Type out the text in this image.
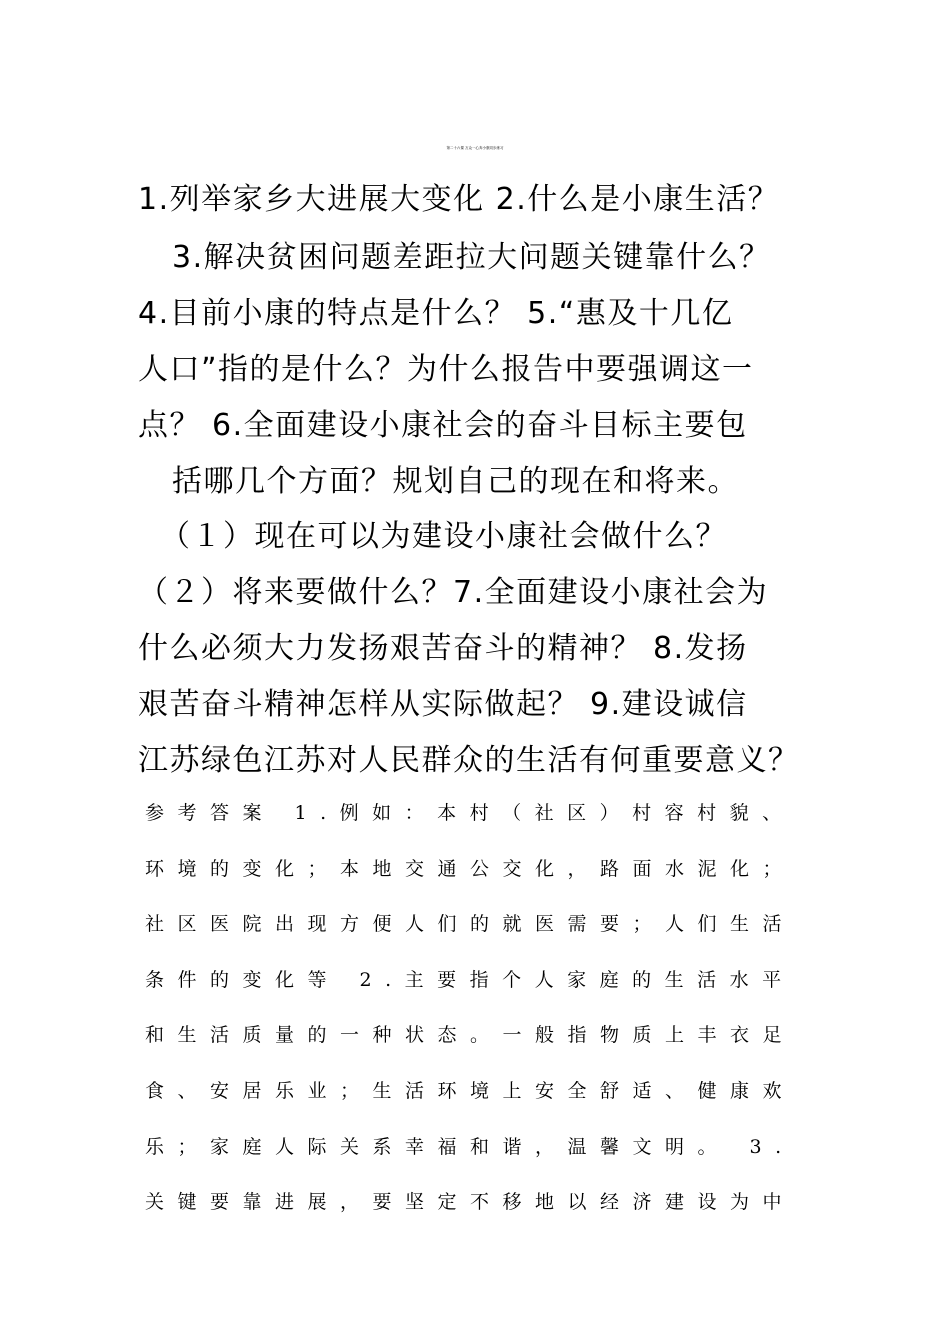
第二十六课 万众一心奔小康同步练习
1.列举家乡大进展大变化 2.什么是小康生活？
3.解决贫困问题差距拉大问题关键靠什么？
4.目前小康的特点是什么？ 5.“惠及十几亿
人口”指的是什么？为什么报告中要强调这一
点？ 6.全面建设小康社会的奋斗目标主要包
括哪几个方面？规划自己的现在和将来。
（１）现在可以为建设小康社会做什么？
（２）将来要做什么？7.全面建设小康社会为
什么必须大力发扬艰苦奋斗的精神？ 8.发扬
艰苦奋斗精神怎样从实际做起？ 9.建设诚信
江苏绿色江苏对人民群众的生活有何重要意义？
参考答案 1.例如：本村（社区）村容村貌、
环境的变化；本地交通公交化，路面水泥化；
社区医院出现方便人们的就医需要；人们生活
条件的变化等 2.主要指个人家庭的生活水平
和生活质量的一种状态。一般指物质上丰衣足
食、安居乐业；生活环境上安全舒适、健康欢
乐；家庭人际关系幸福和谐，温馨文明。 3.
关键要靠进展，要坚定不移地以经济建设为中
